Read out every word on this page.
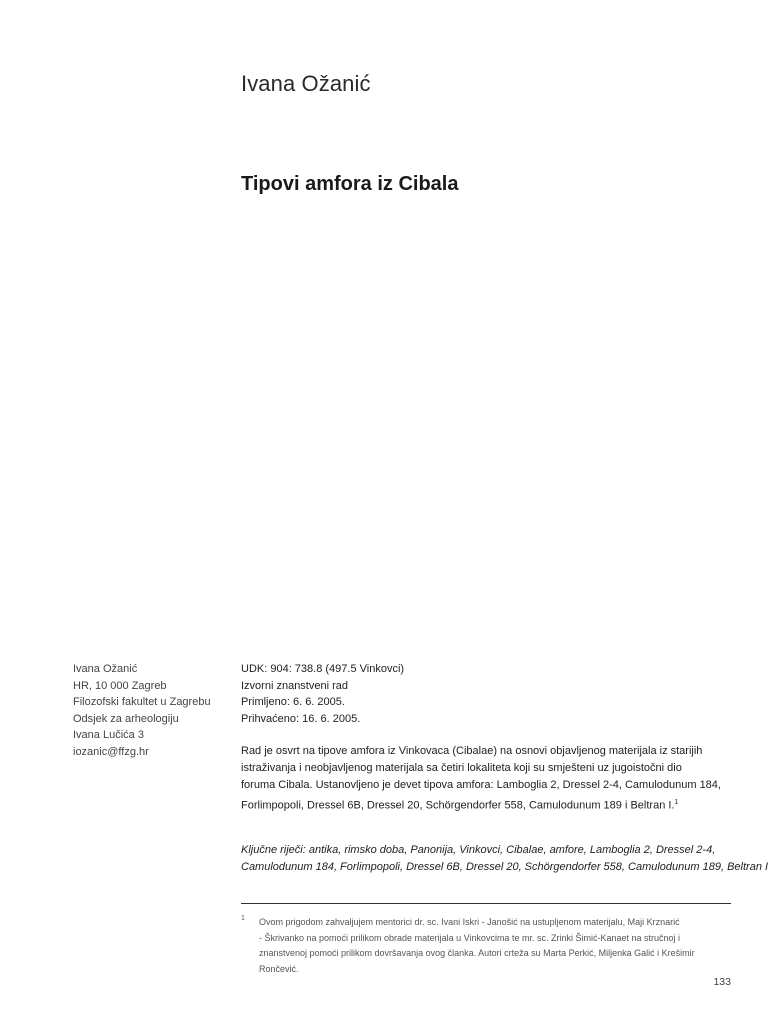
Ivana Ožanić
Tipovi amfora iz Cibala
Ivana Ožanić
HR, 10 000 Zagreb
Filozofski fakultet u Zagrebu
Odsjek za arheologiju
Ivana Lučića 3
iozanic@ffzg.hr
UDK: 904: 738.8 (497.5 Vinkovci)
Izvorni znanstveni rad
Primljeno: 6. 6. 2005.
Prihvaćeno: 16. 6. 2005.
Rad je osvrt na tipove amfora iz Vinkovaca (Cibalae) na osnovi objavljenog materijala iz starijih
istraživanja i neobjavljenog materijala sa četiri lokaliteta koji su smješteni uz jugoistočni dio
foruma Cibala. Ustanovljeno je devet tipova amfora: Lamboglia 2, Dressel 2-4, Camulodunum 184,
Forlimpopoli, Dressel 6B, Dressel 20, Schörgendorfer 558, Camulodunum 189 i Beltran I.$^1$
Ključne riječi: antika, rimsko doba, Panonija, Vinkovci, Cibalae, amfore, Lamboglia 2, Dressel 2-4,
Camulodunum 184, Forlimpopoli, Dressel 6B, Dressel 20, Schörgendorfer 558, Camulodunum 189, Beltran I
1 Ovom prigodom zahvaljujem mentorici dr. sc. Ivani Iskri - Janošić na ustupljenom materijalu, Maji Krznarić
- Škrivanko na pomoći prilikom obrade materijala u Vinkovcima te mr. sc. Zrinki Šimić-Kanaet na stručnoj i
znanstvenoj pomoći prilikom dovršavanja ovog članka. Autori crteža su Marta Perkić, Miljenka Galić i Krešimir
Rončević.
133
